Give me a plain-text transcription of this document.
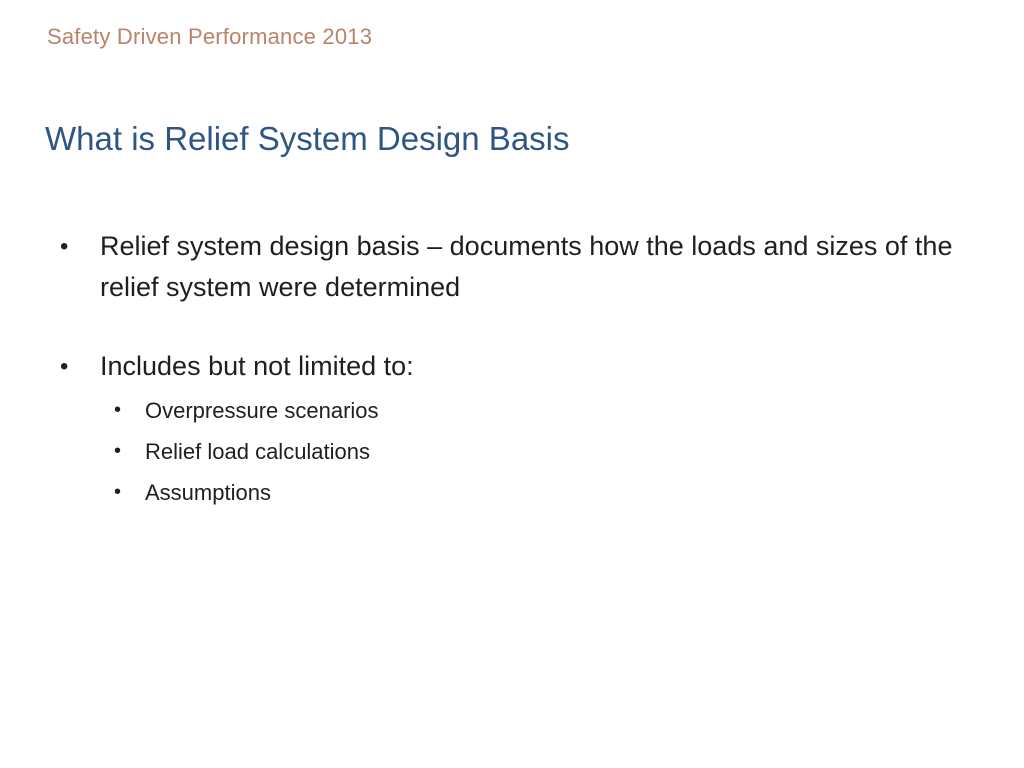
Safety Driven Performance 2013
What is Relief System Design Basis
• Relief system design basis – documents how the loads and sizes of the relief system were determined
• Includes but not limited to:
• Overpressure scenarios
• Relief load calculations
• Assumptions
